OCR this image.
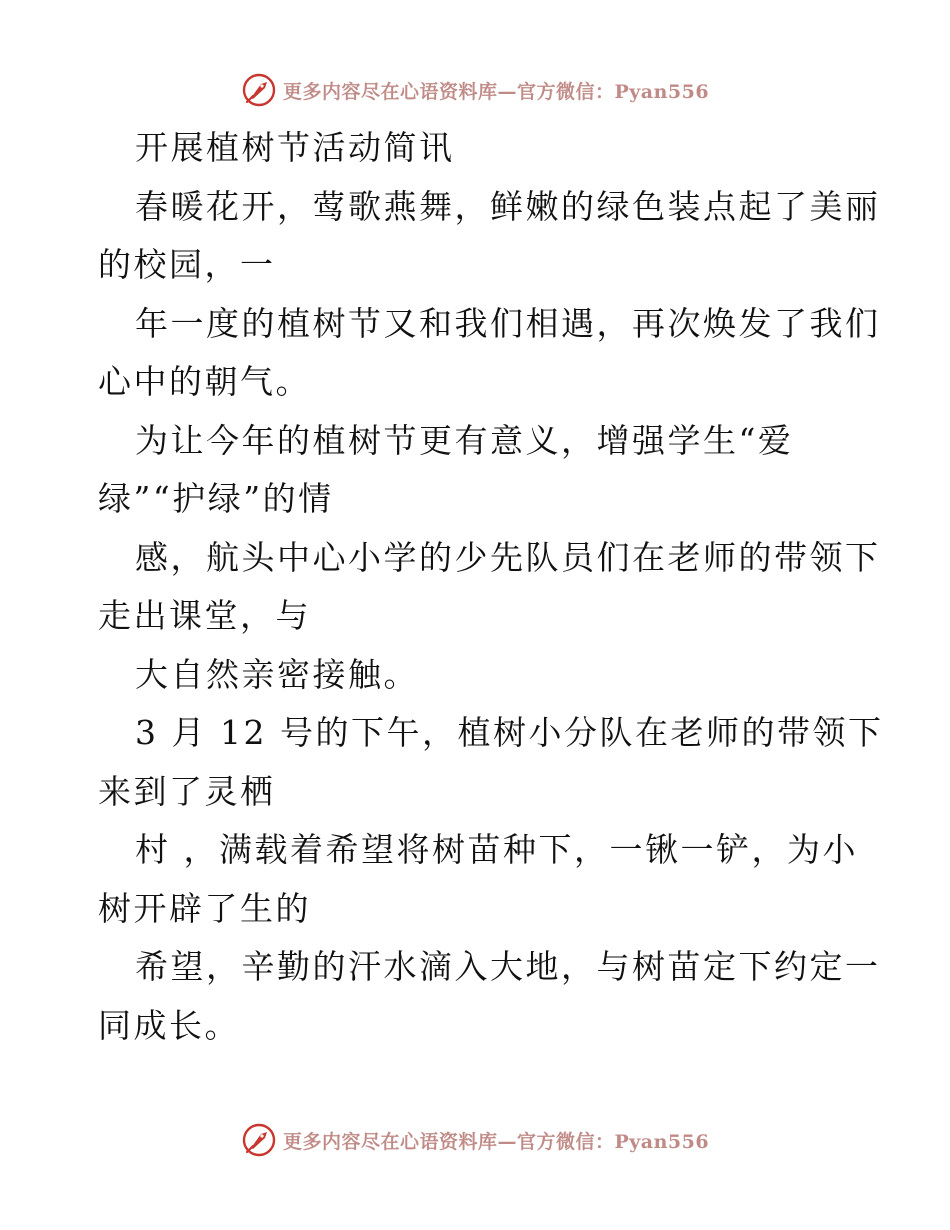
更多内容尽在心语资料库—官方微信：Pyan556
开展植树节活动简讯
春暖花开，莺歌燕舞，鲜嫩的绿色装点起了美丽
的校园，一
年一度的植树节又和我们相遇，再次焕发了我们
心中的朝气。
为让今年的植树节更有意义，增强学生“爱
绿”“护绿”的情
感，航头中心小学的少先队员们在老师的带领下
走出课堂，与
大自然亲密接触。
3 月 12 号的下午，植树小分队在老师的带领下
来到了灵栖
村 ，满载着希望将树苗种下，一锹一铲，为小
树开辟了生的
希望，辛勤的汗水滴入大地，与树苗定下约定一
同成长。
更多内容尽在心语资料库—官方微信：Pyan556
